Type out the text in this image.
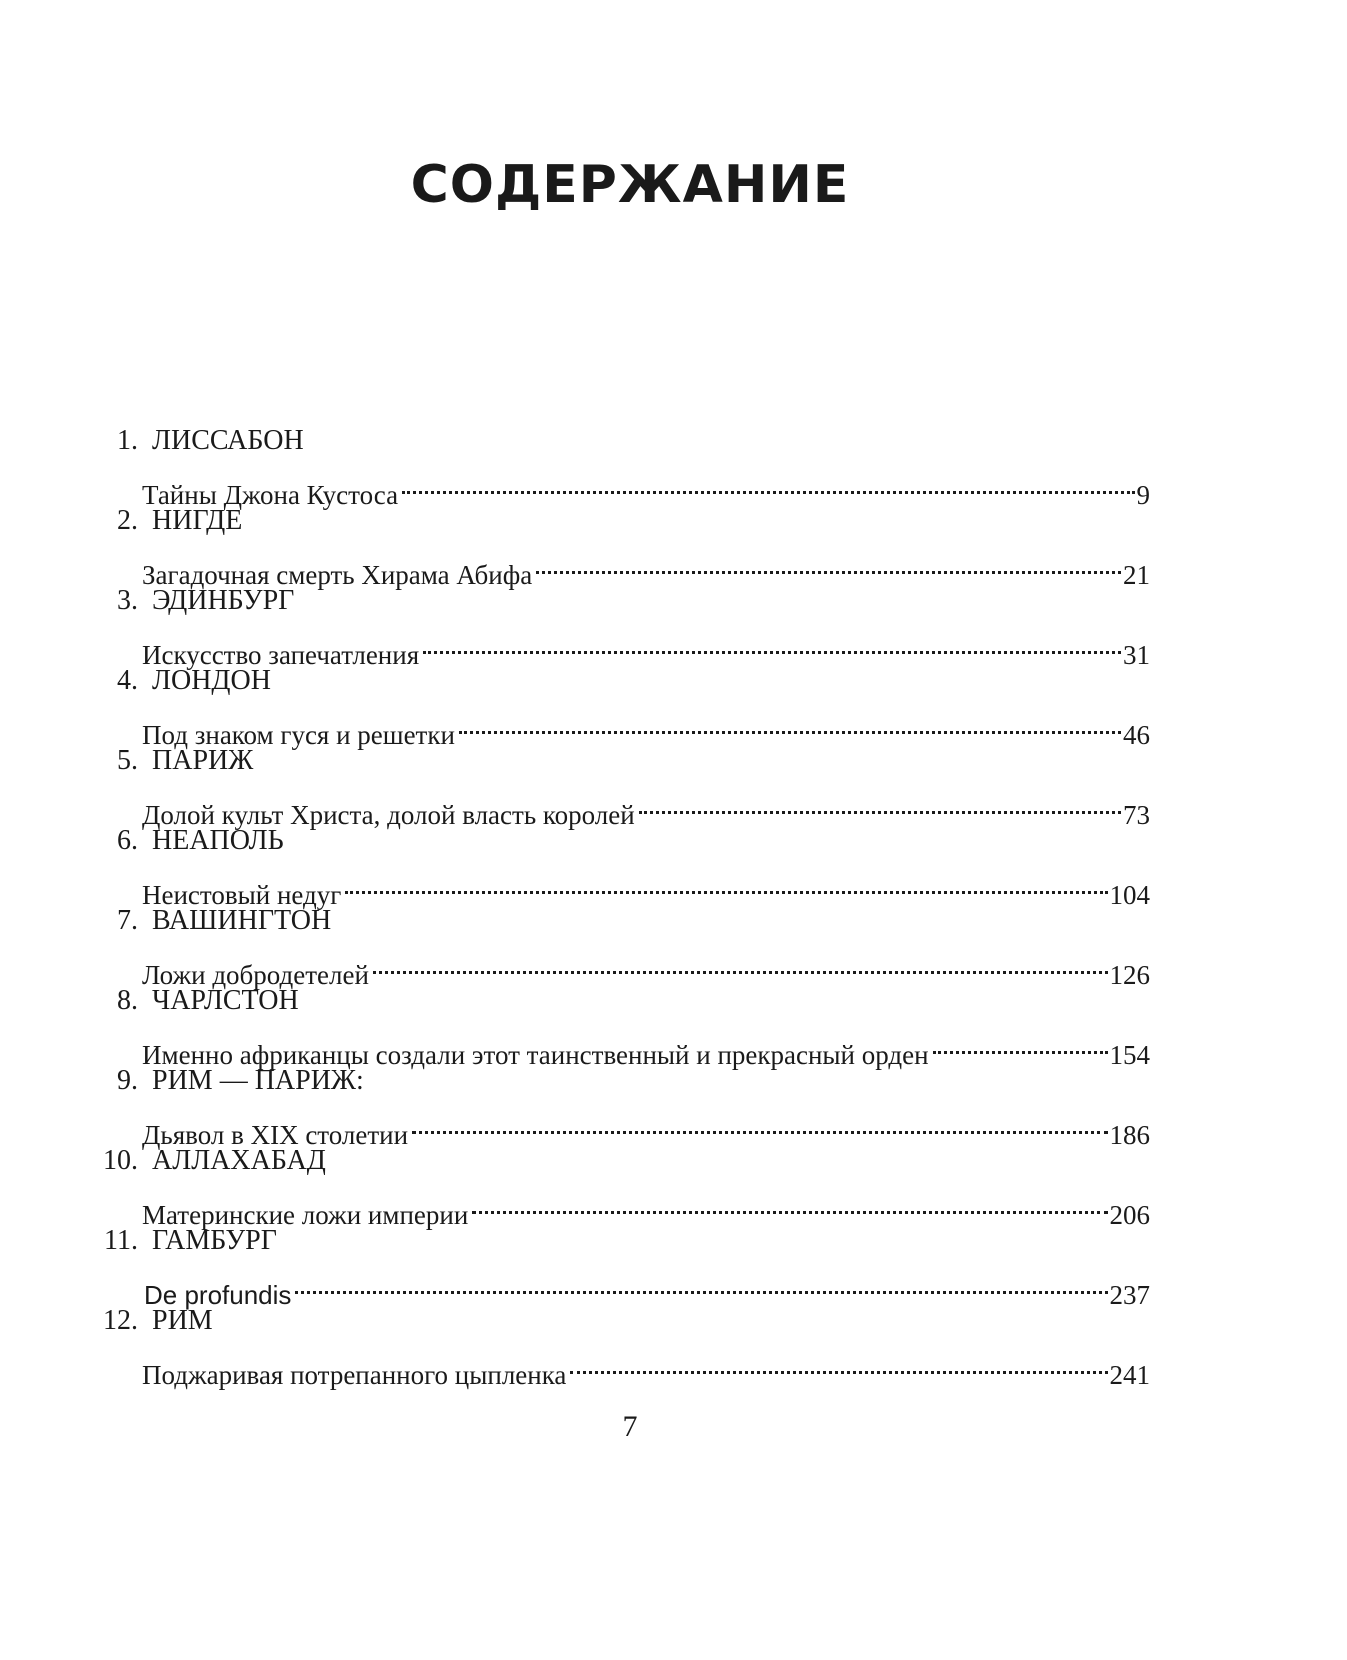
СОДЕРЖАНИЕ
1. ЛИССАБОН
Тайны Джона Кустоса	9
2. НИГДЕ
Загадочная смерть Хирама Абифа	21
3. ЭДИНБУРГ
Искусство запечатления	31
4. ЛОНДОН
Под знаком гуся и решетки	46
5. ПАРИЖ
Долой культ Христа, долой власть королей	73
6. НЕАПОЛЬ
Неистовый недуг	104
7. ВАШИНГТОН
Ложи добродетелей	126
8. ЧАРЛСТОН
Именно африканцы создали этот таинственный и прекрасный орден	154
9. РИМ — ПАРИЖ:
Дьявол в XIX столетии	186
10. АЛЛАХАБАД
Материнские ложи империи	206
11. ГАМБУРГ
De profundis	237
12. РИМ
Поджаривая потрепанного цыпленка	241
7
